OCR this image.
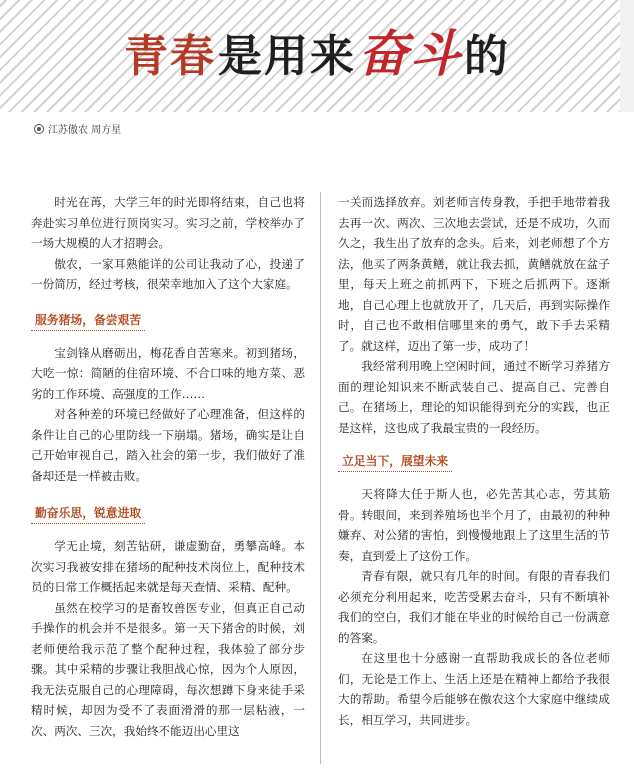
青春是用来奋斗的
江苏傲农 周方星

时光在苒，大学三年的时光即将结束，自己也将奔赴实习单位进行顶岗实习。实习之前，学校举办了一场大规模的人才招聘会。

傲农，一家耳熟能详的公司让我动了心，投递了一份简历，经过考核，很荣幸地加入了这个大家庭。

服务猪场，备尝艰苦

宝剑锋从磨砺出，梅花香自苦寒来。初到猪场，大吃一惊：简陋的住宿环境、不合口味的地方菜、恶劣的工作环境、高强度的工作……

对各种差的环境已经做好了心理准备，但这样的条件让自己的心里防线一下崩塌。猪场，确实是让自己开始审视自己，踏入社会的第一步，我们做好了准备却还是一样被击败。

勤奋乐思，锐意进取

学无止境，刻苦钻研，谦虚勤奋，勇攀高峰。本次实习我被安排在猪场的配种技术岗位上，配种技术员的日常工作概括起来就是每天查情、采精、配种。

虽然在校学习的是畜牧兽医专业，但真正自己动手操作的机会并不是很多。第一天下猪舍的时候，刘老师便给我示范了整个配种过程，我体验了部分步骤。其中采精的步骤让我胆战心惊，因为个人原因，我无法克服自己的心理障碍，每次想蹲下身来徒手采精时候，却因为受不了表面滑滑的那一层粘液，一次、两次、三次，我始终不能迈出心里这

一关而选择放弃。刘老师言传身教，手把手地带着我去再一次、两次、三次地去尝试，还是不成功，久而久之，我生出了放弃的念头。后来，刘老师想了个方法，他买了两条黄鳝，就让我去抓，黄鳝就放在盆子里，每天上班之前抓两下，下班之后抓两下。逐渐地，自己心理上也就放开了，几天后，再到实际操作时，自己也不敢相信哪里来的勇气，敢下手去采精了。就这样，迈出了第一步，成功了！

我经常利用晚上空闲时间，通过不断学习养猪方面的理论知识来不断武装自己、提高自己、完善自己。在猪场上，理论的知识能得到充分的实践，也正是这样，这也成了我最宝贵的一段经历。

立足当下，展望未来

天将降大任于斯人也，必先苦其心志，劳其筋骨。转眼间，来到养殖场也半个月了，由最初的种种嫌弃、对公猪的害怕，到慢慢地跟上了这里生活的节奏，直到爱上了这份工作。

青春有限，就只有几年的时间。有限的青春我们必须充分利用起来，吃苦受累去奋斗，只有不断填补我们的空白，我们才能在毕业的时候给自己一份满意的答案。

在这里也十分感谢一直帮助我成长的各位老师们，无论是工作上、生活上还是在精神上都给予我很大的帮助。希望今后能够在傲农这个大家庭中继续成长，相互学习，共同进步。
